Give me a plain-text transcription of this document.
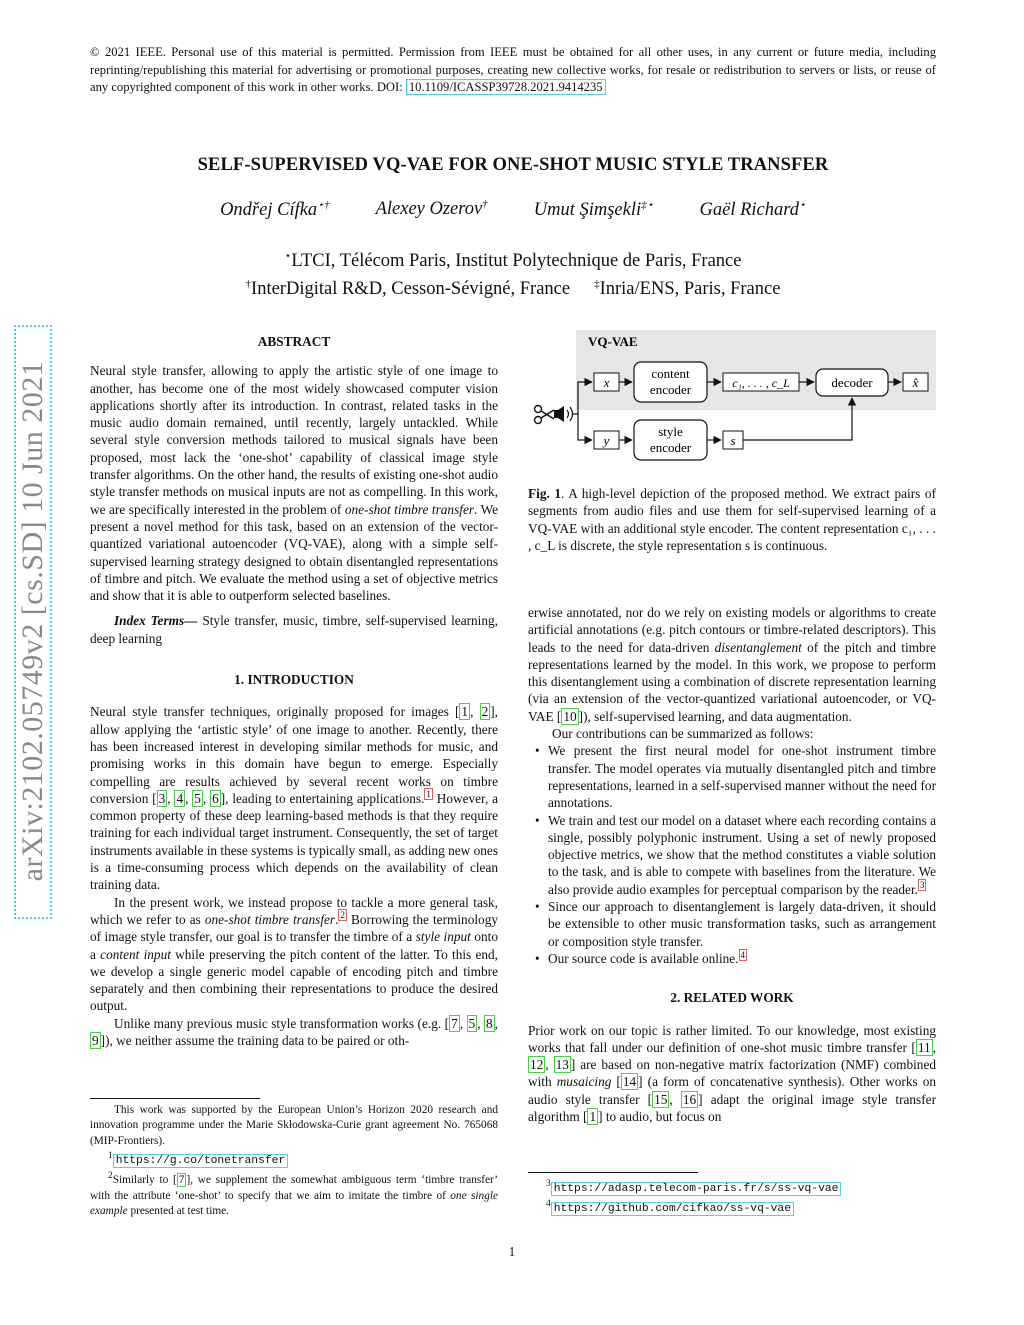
© 2021 IEEE. Personal use of this material is permitted. Permission from IEEE must be obtained for all other uses, in any current or future media, including reprinting/republishing this material for advertising or promotional purposes, creating new collective works, for resale or redistribution to servers or lists, or reuse of any copyrighted component of this work in other works. DOI: 10.1109/ICASSP39728.2021.9414235
SELF-SUPERVISED VQ-VAE FOR ONE-SHOT MUSIC STYLE TRANSFER
Ondřej Cífka⋆† Alexey Ozerov† Umut Şimşekli‡⋆ Gaël Richard⋆
⋆LTCI, Télécom Paris, Institut Polytechnique de Paris, France
†InterDigital R&D, Cesson-Sévigné, France ‡Inria/ENS, Paris, France
arXiv:2102.05749v2 [cs.SD] 10 Jun 2021
ABSTRACT

Neural style transfer, allowing to apply the artistic style of one image to another, has become one of the most widely showcased computer vision applications shortly after its introduction. In contrast, related tasks in the music audio domain remained, until recently, largely untackled. While several style conversion methods tailored to musical signals have been proposed, most lack the ‘one-shot’ capability of classical image style transfer algorithms. On the other hand, the results of existing one-shot audio style transfer methods on musical inputs are not as compelling. In this work, we are specifically interested in the problem of one-shot timbre transfer. We present a novel method for this task, based on an extension of the vector-quantized variational autoencoder (VQ-VAE), along with a simple self-supervised learning strategy designed to obtain disentangled representations of timbre and pitch. We evaluate the method using a set of objective metrics and show that it is able to outperform selected baselines.

Index Terms— Style transfer, music, timbre, self-supervised learning, deep learning

1. INTRODUCTION

Neural style transfer techniques, originally proposed for images [ 1 , 2 ], allow applying the ‘artistic style’ of one image to another. Recently, there has been increased interest in developing similar methods for music, and promising works in this domain have begun to emerge. Especially compelling are results achieved by several recent works on timbre conversion [ 3 , 4 , 5 , 6 ], leading to entertaining applications. $^1$ However, a common property of these deep learning-based methods is that they require training for each individual target instrument. Consequently, the set of target instruments available in these systems is typically small, as adding new ones is a time-consuming process which depends on the availability of clean training data.

In the present work, we instead propose to tackle a more general task, which we refer to as one-shot timbre transfer. $^2$ Borrowing the terminology of image style transfer, our goal is to transfer the timbre of a style input onto a content input while preserving the pitch content of the latter. To this end, we develop a single generic model capable of encoding pitch and timbre separately and then combining their representations to produce the desired output.

Unlike many previous music style transformation works (e.g. [ 7 , 5 , 8 , 9 ]), we neither assume the training data to be paired or oth-

This work was supported by the European Union’s Horizon 2020 research and innovation programme under the Marie Skłodowska-Curie grant agreement No. 765068 (MIP-Frontiers).

$^1$ https://g.co/tonetransfer

$^2$Similarly to [ 7 ], we supplement the somewhat ambiguous term ‘timbre transfer’ with the attribute ‘one-shot’ to specify that we aim to imitate the timbre of one single example presented at test time.

VQ-VAE
x
content
encoder	c₁, . . . , c_L	decoder	x̂
y
style
encoder	s
Fig. 1. A high-level depiction of the proposed method. We extract pairs of segments from audio files and use them for self-supervised learning of a VQ-VAE with an additional style encoder. The content representation c₁, . . . , c_L is discrete, the style representation s is continuous.

erwise annotated, nor do we rely on existing models or algorithms to create artificial annotations (e.g. pitch contours or timbre-related descriptors). This leads to the need for data-driven disentanglement of the pitch and timbre representations learned by the model. In this work, we propose to perform this disentanglement using a combination of discrete representation learning (via an extension of the vector-quantized variational autoencoder, or VQ-VAE [ 10 ]), self-supervised learning, and data augmentation.

Our contributions can be summarized as follows:

• We present the first neural model for one-shot instrument timbre transfer. The model operates via mutually disentangled pitch and timbre representations, learned in a self-supervised manner without the need for annotations.
• We train and test our model on a dataset where each recording contains a single, possibly polyphonic instrument. Using a set of newly proposed objective metrics, we show that the method constitutes a viable solution to the task, and is able to compete with baselines from the literature. We also provide audio examples for perceptual comparison by the reader. $^3$
• Since our approach to disentanglement is largely data-driven, it should be extensible to other music transformation tasks, such as arrangement or composition style transfer.
• Our source code is available online. $^4$
2. RELATED WORK

Prior work on our topic is rather limited. To our knowledge, most existing works that fall under our definition of one-shot music timbre transfer [ 11 , 12 , 13 ] are based on non-negative matrix factorization (NMF) combined with musaicing [ 14 ] (a form of concatenative synthesis). Other works on audio style transfer [ 15 , 16 ] adapt the original image style transfer algorithm [ 1 ] to audio, but focus on

$^3$ https://adasp.telecom-paris.fr/s/ss-vq-vae

$^4$ https://github.com/cifkao/ss-vq-vae

1
